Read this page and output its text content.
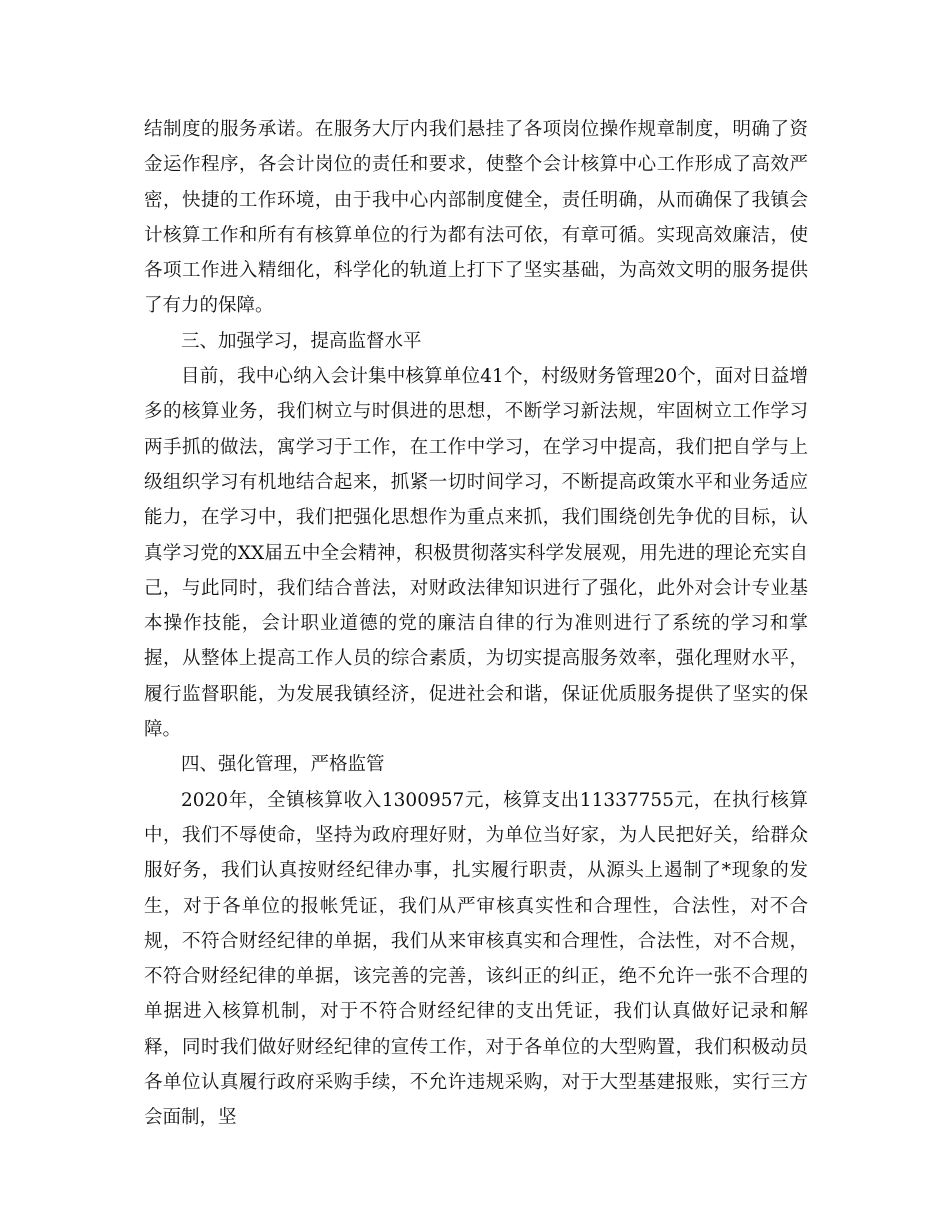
结制度的服务承诺。在服务大厅内我们悬挂了各项岗位操作规章制度，明确了资金运作程序，各会计岗位的责任和要求，使整个会计核算中心工作形成了高效严密，快捷的工作环境，由于我中心内部制度健全，责任明确，从而确保了我镇会计核算工作和所有有核算单位的行为都有法可依，有章可循。实现高效廉洁，使各项工作进入精细化，科学化的轨道上打下了坚实基础，为高效文明的服务提供了有力的保障。

三、加强学习，提高监督水平

目前，我中心纳入会计集中核算单位41个，村级财务管理20个，面对日益增多的核算业务，我们树立与时俱进的思想，不断学习新法规，牢固树立工作学习两手抓的做法，寓学习于工作，在工作中学习，在学习中提高，我们把自学与上级组织学习有机地结合起来，抓紧一切时间学习，不断提高政策水平和业务适应能力，在学习中，我们把强化思想作为重点来抓，我们围绕创先争优的目标，认真学习党的XX届五中全会精神，积极贯彻落实科学发展观，用先进的理论充实自己，与此同时，我们结合普法，对财政法律知识进行了强化，此外对会计专业基本操作技能，会计职业道德的党的廉洁自律的行为准则进行了系统的学习和掌握，从整体上提高工作人员的综合素质，为切实提高服务效率，强化理财水平，履行监督职能，为发展我镇经济，促进社会和谐，保证优质服务提供了坚实的保障。

四、强化管理，严格监管

2020年，全镇核算收入1300957元，核算支出11337755元，在执行核算中，我们不辱使命，坚持为政府理好财，为单位当好家，为人民把好关，给群众服好务，我们认真按财经纪律办事，扎实履行职责，从源头上遏制了*现象的发生，对于各单位的报帐凭证，我们从严审核真实性和合理性，合法性，对不合规，不符合财经纪律的单据，我们从来审核真实和合理性，合法性，对不合规，不符合财经纪律的单据，该完善的完善，该纠正的纠正，绝不允许一张不合理的单据进入核算机制，对于不符合财经纪律的支出凭证，我们认真做好记录和解释，同时我们做好财经纪律的宣传工作，对于各单位的大型购置，我们积极动员各单位认真履行政府采购手续，不允许违规采购，对于大型基建报账，实行三方会面制，坚
